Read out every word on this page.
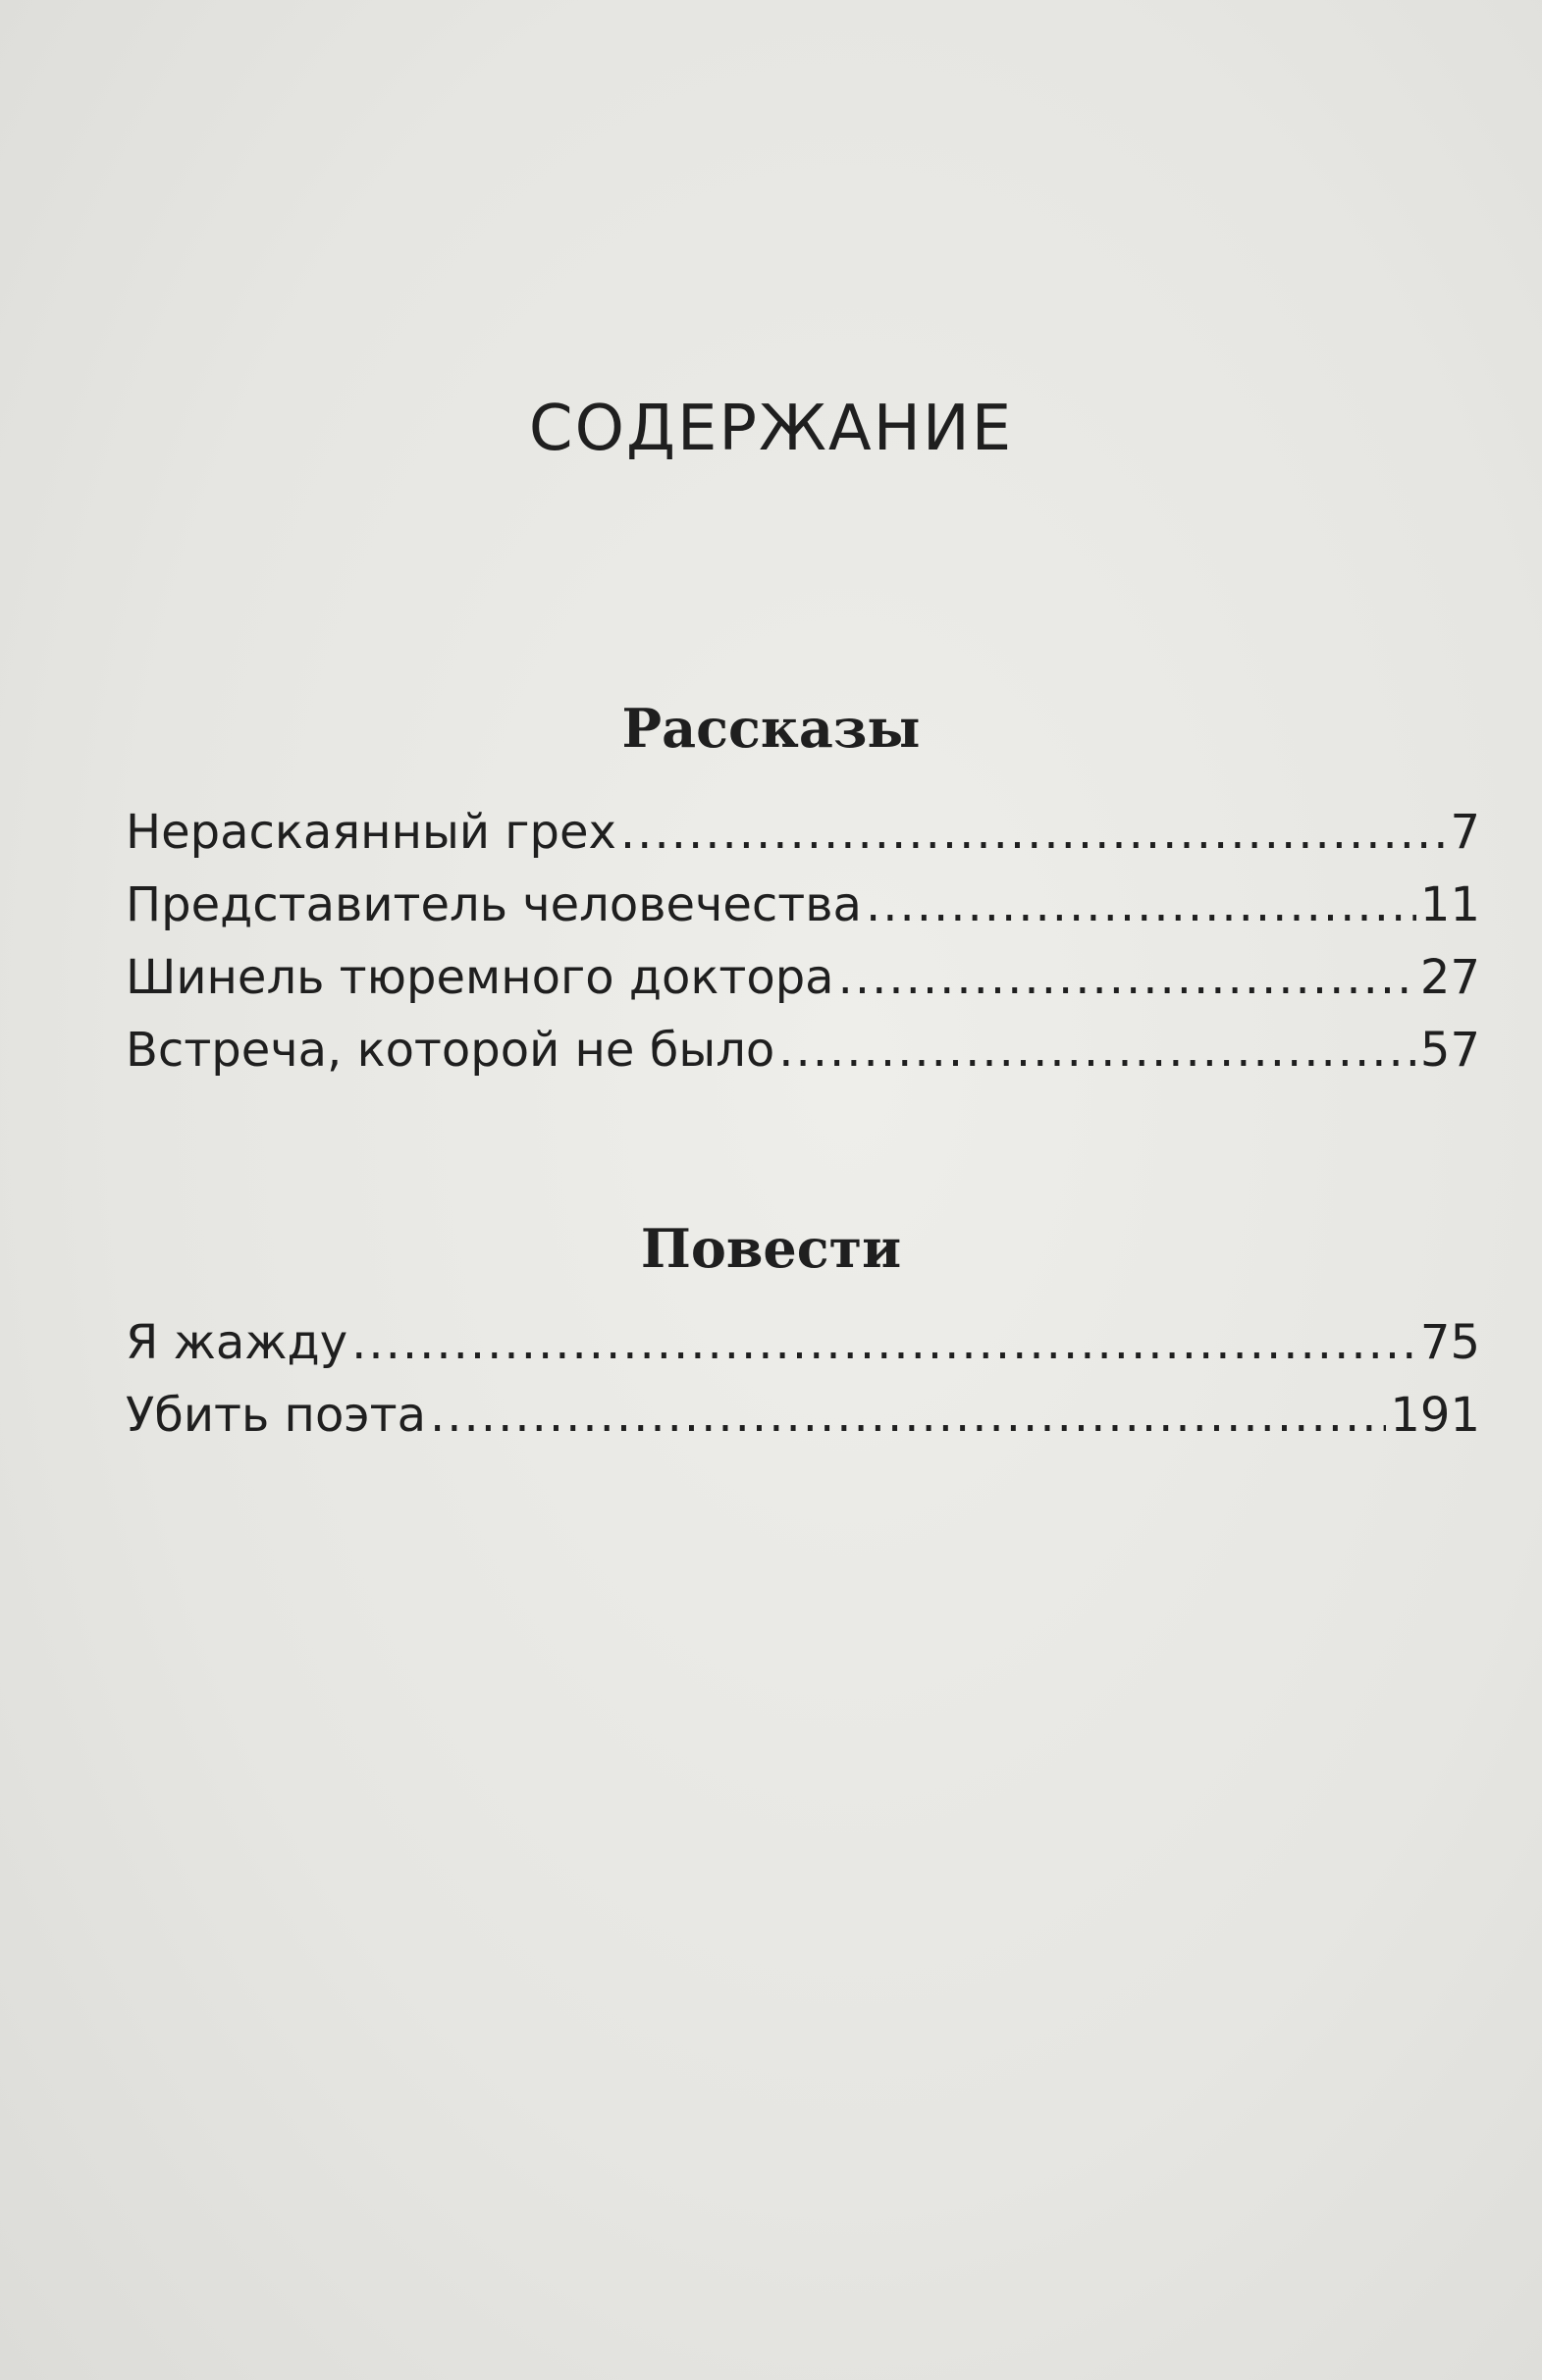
СОДЕРЖАНИЕ
Рассказы
Нераскаянный грех .....	7
Представитель человечества .....	11
Шинель тюремного доктора .....	27
Встреча, которой не было .....	57
Повести
Я жажду .....	75
Убить поэта .....	191
